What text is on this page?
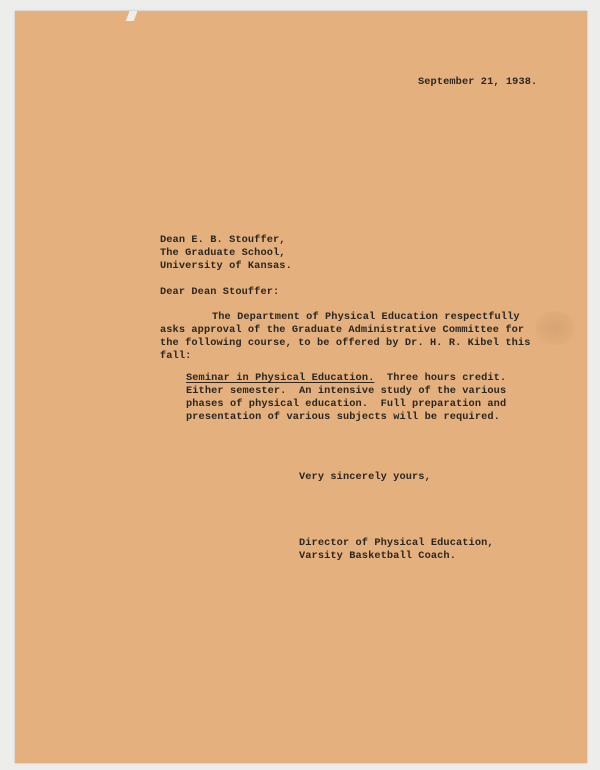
September 21, 1938.
Dean E. B. Stouffer,
The Graduate School,
University of Kansas.
Dear Dean Stouffer:
The Department of Physical Education respectfully
asks approval of the Graduate Administrative Committee for
the following course, to be offered by Dr. H. R. Kibel this
fall:
Seminar in Physical Education.  Three hours credit.
Either semester.  An intensive study of the various
phases of physical education.  Full preparation and
presentation of various subjects will be required.
Very sincerely yours,
Director of Physical Education,
Varsity Basketball Coach.
